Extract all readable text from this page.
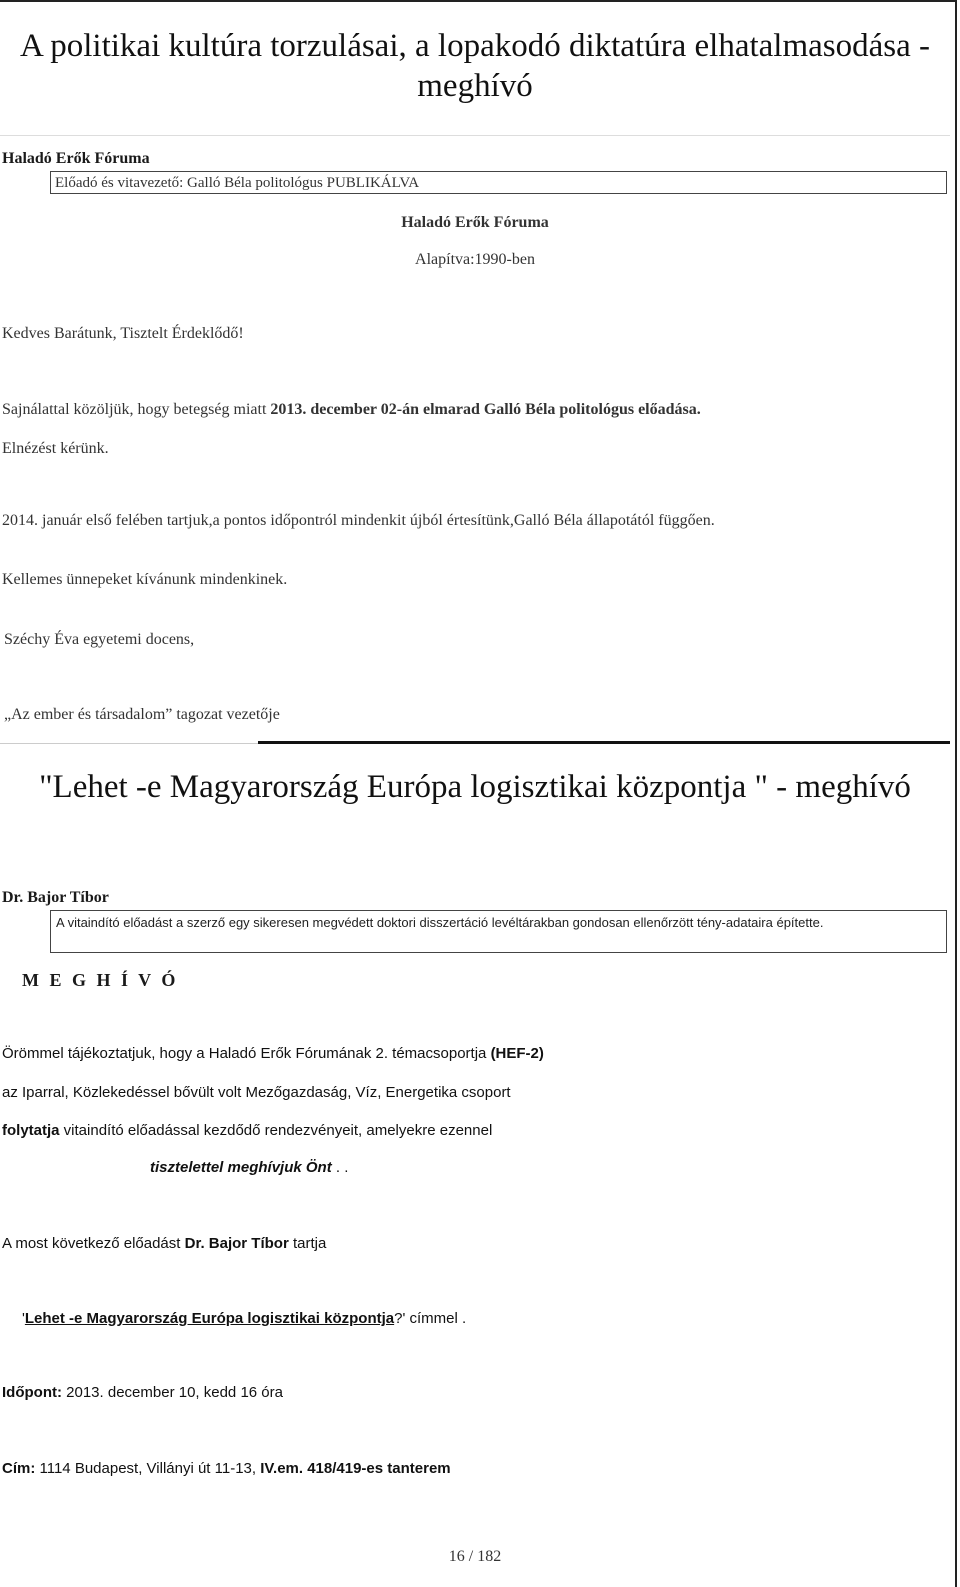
A politikai kultúra torzulásai, a lopakodó diktatúra elhatalmasodása - meghívó
Haladó Erők Fóruma
Előadó és vitavezető: Galló Béla politológus PUBLIKÁLVA
Haladó Erők Fóruma
Alapítva:1990-ben
Kedves Barátunk, Tisztelt Érdeklődő!
Sajnálattal közöljük, hogy betegség miatt 2013. december 02-án elmarad Galló Béla politológus előadása.
Elnézést kérünk.
2014. január első felében tartjuk,a pontos időpontról mindenkit újból értesítünk,Galló Béla állapotától függően.
Kellemes ünnepeket kívánunk mindenkinek.
Széchy Éva egyetemi docens,
„Az ember és társadalom” tagozat vezetője
"Lehet -e Magyarország Európa logisztikai központja " - meghívó
Dr. Bajor Tíbor
A vitaindító előadást a szerző egy sikeresen megvédett doktori disszertáció levéltárakban gondosan ellenőrzött tény-adataira építette.
M E G H Í V Ó
Örömmel tájékoztatjuk, hogy a Haladó Erők Fórumának 2. témacsoportja (HEF-2)
az Iparral, Közlekedéssel bővült volt Mezőgazdaság, Víz, Energetika csoport
folytatja vitaindító előadással kezdődő rendezvényeit, amelyekre ezennel
tisztelettel meghívjuk Önt . .
A most következő előadást Dr. Bajor Tíbor tartja
'Lehet -e Magyarország Európa logisztikai központja?' címmel .
Időpont: 2013. december 10, kedd 16 óra
Cím: 1114 Budapest, Villányi út 11-13, IV.em. 418/419-es tanterem
16 / 182
